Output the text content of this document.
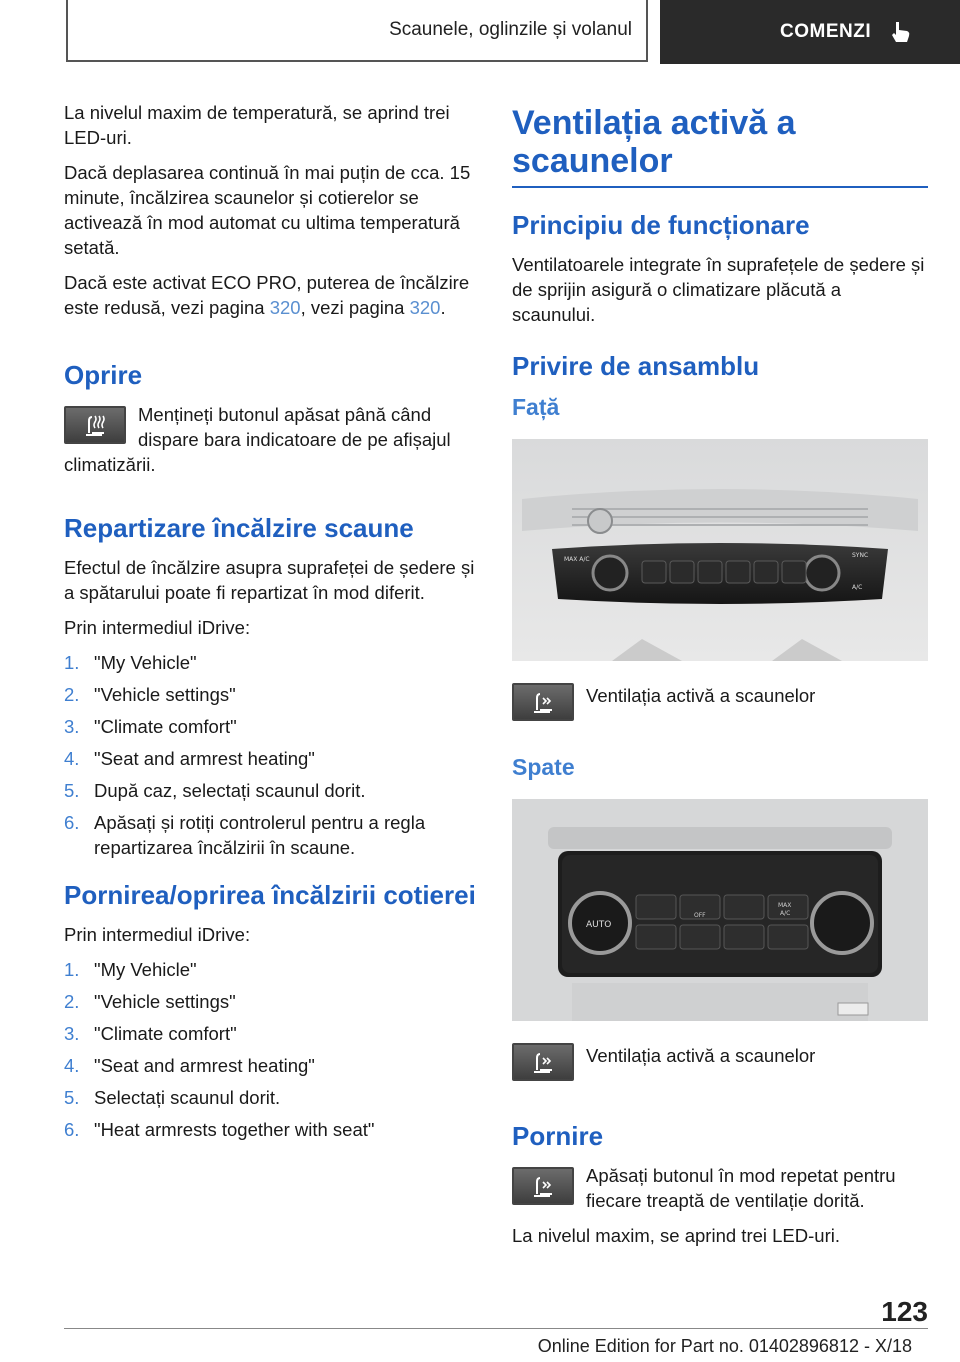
Scaunele, oglinzile și volanul	COMENZI

La nivelul maxim de temperatură, se aprind trei LED-uri.

Dacă deplasarea continuă în mai puțin de cca. 15 minute, încălzirea scaunelor și cotierelor se activează în mod automat cu ultima temperatură setată.

Dacă este activat ECO PRO, puterea de încălzire este redusă, vezi pagina 320, vezi pagina 320.

Oprire

Mențineți butonul apăsat până când dispare bara indicatoare de pe afișajul climatizării.

Repartizare încălzire scaune

Efectul de încălzire asupra suprafeței de ședere și a spătarului poate fi repartizat în mod diferit.

Prin intermediul iDrive:

1. "My Vehicle"
2. "Vehicle settings"
3. "Climate comfort"
4. "Seat and armrest heating"
5. După caz, selectați scaunul dorit.
6. Apăsați și rotiți controlerul pentru a regla repartizarea încălzirii în scaune.
Pornirea/oprirea încălzirii cotierei

Prin intermediul iDrive:

1. "My Vehicle"
2. "Vehicle settings"
3. "Climate comfort"
4. "Seat and armrest heating"
5. Selectați scaunul dorit.
6. "Heat armrests together with seat"
Ventilația activă a scaunelor
Principiu de funcționare

Ventilatoarele integrate în suprafețele de ședere și de sprijin asigură o climatizare plăcută a scaunului.

Privire de ansamblu
Față
MAX A/C
SYNC
A/C

Ventilația activă a scaunelor

Spate
AUTO
OFF
MAX
A/C

Ventilația activă a scaunelor

Pornire

Apăsați butonul în mod repetat pentru fiecare treaptă de ventilație dorită.

La nivelul maxim, se aprind trei LED-uri.

123
Online Edition for Part no. 01402896812 - X/18
